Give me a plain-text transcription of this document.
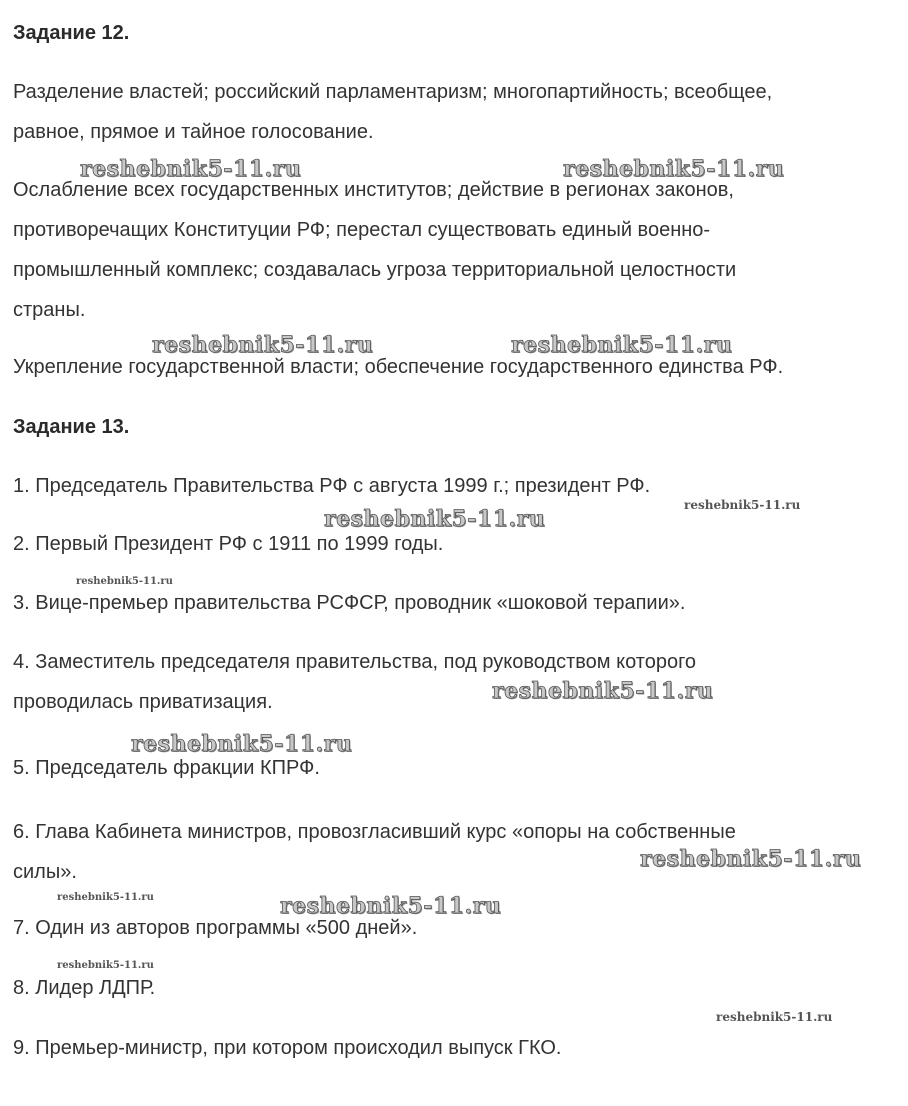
Задание 12.
Разделение властей; российский парламентаризм; многопартийность; всеобщее,
равное, прямое и тайное голосование.
Ослабление всех государственных институтов; действие в регионах законов,
противоречащих Конституции РФ; перестал существовать единый военно-
промышленный комплекс; создавалась угроза территориальной целостности
страны.
Укрепление государственной власти; обеспечение государственного единства РФ.
Задание 13.
1. Председатель Правительства РФ с августа 1999 г.; президент РФ.
2. Первый Президент РФ с 1911 по 1999 годы.
3. Вице-премьер правительства РСФСР, проводник «шоковой терапии».
4. Заместитель председателя правительства, под руководством которого
проводилась приватизация.
5. Председатель фракции КПРФ.
6. Глава Кабинета министров, провозгласивший курс «опоры на собственные
силы».
7. Один из авторов программы «500 дней».
8. Лидер ЛДПР.
9. Премьер-министр, при котором происходил выпуск ГКО.
reshebnik5-11.ru	reshebnik5-11.ru
reshebnik5-11.ru	reshebnik5-11.ru
reshebnik5-11.ru
reshebnik5-11.ru
reshebnik5-11.ru
reshebnik5-11.ru
reshebnik5-11.ru
reshebnik5-11.ru
reshebnik5-11.ru	reshebnik5-11.ru
reshebnik5-11.ru
reshebnik5-11.ru
